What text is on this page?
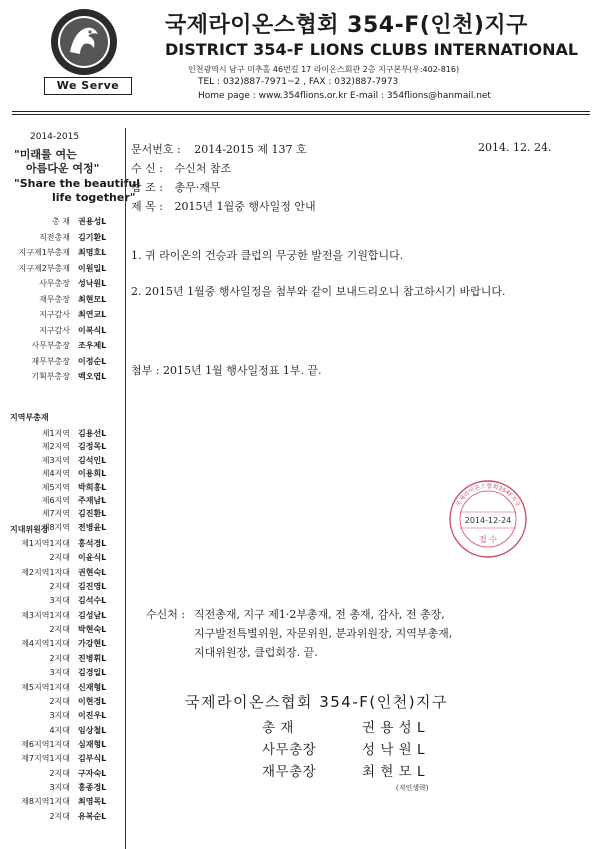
We Serve
국제라이온스협회 354-F(인천)지구
DISTRICT 354-F LIONS CLUBS INTERNATIONAL
인천광역시 남구 미추홀 46번길 17 라이온스회관 2층 지구본부(우:402-816)
TEL : 032)887-7971~2 , FAX : 032)887-7973
Home page : www.354flions.or.kr E-mail : 354flions@hanmail.net
2014-2015
"미래를 여는
아름다운 여정"
"Share the beautiful
life together"
총 재 권용성L
직전총재 김기환L
지구제1부총재 최명호L
지구제2부총재 이원일L
사무총장 성낙원L
재무총장 최현모L
지구감사 최연교L
지구감사 이복식L
사무부총장 조우제L
재무부총장 이정순L
기획부총장 백오엽L
지역부총재
제1지역 김용선L
제2지역 김정목L
제3지역 김석인L
제4지역 이용희L
제5지역 박희홍L
제6지역 주재남L
제7지역 김진환L
제8지역 전병윤L
지대위원장
제1지역1지대 홍석경L
2지대 이윤식L
제2지역1지대 권현숙L
2지대 김진영L
3지대 김석수L
제3지역1지대 김성남L
2지대 박현숙L
제4지역1지대 가강현L
2지대 진병휘L
3지대 김경일L
제5지역1지대 신재형L
2지대 이현경L
3지대 이진우L
4지대 임상철L
제6지역1지대 심재형L
제7지역1지대 김부식L
2지대 구자숙L
3지대 홍종경L
제8지역1지대 최영목L
2지대 유복순L
문서번호 : 2014-2015 제 137 호	2014. 12. 24.
수 신 : 수신처 참조
참 조 : 총무·재무
제 목 : 2015년 1월중 행사일정 안내
1. 귀 라이온의 건승과 클럽의 무궁한 발전을 기원합니다.
2. 2015년 1월중 행사일정을 첨부와 같이 보내드리오니 참고하시기 바랍니다.
첨부 : 2015년 1월 행사일정표 1부. 끝.
국제라이온스협회354F지구
2014-12-24
접 수
수신처 : 직전총재, 지구 제1·2부총재, 전 총재, 감사, 전 총장,
지구발전특별위원, 자문위원, 분과위원장, 지역부총재,
지대위원장, 클럽회장. 끝.
국제라이온스협회 354-F(인천)지구
총 재	권 용 성 L
사무총장	성 낙 원 L
재무총장	최 현 모 L
(직인생략)
